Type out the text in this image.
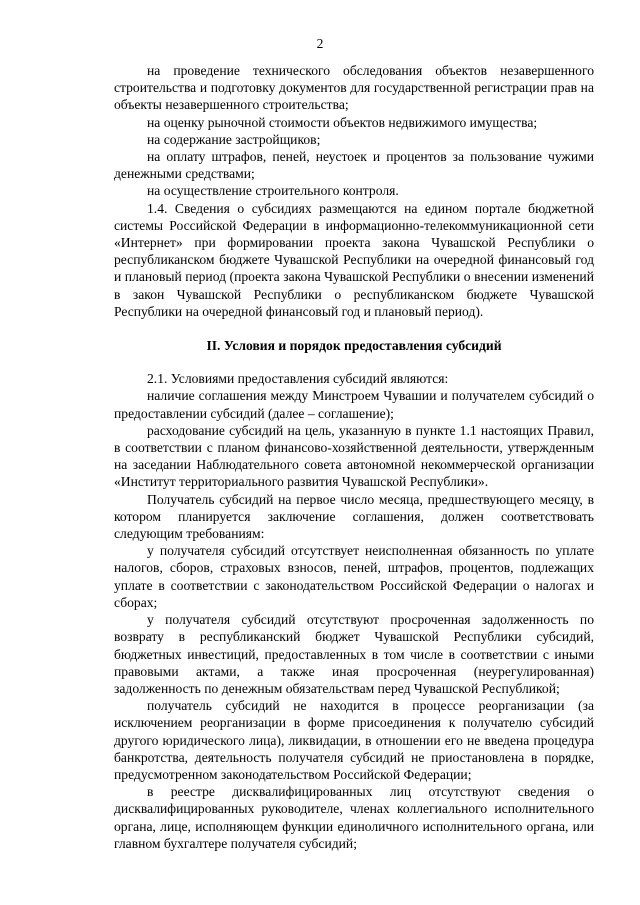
2

на проведение технического обследования объектов незавершенного строительства и подготовку документов для государственной регистрации прав на объекты незавершенного строительства;

на оценку рыночной стоимости объектов недвижимого имущества;

на содержание застройщиков;

на оплату штрафов, пеней, неустоек и процентов за пользование чужими денежными средствами;

на осуществление строительного контроля.

1.4. Сведения о субсидиях размещаются на едином портале бюджетной системы Российской Федерации в информационно-телекоммуникационной сети «Интернет» при формировании проекта закона Чувашской Республики о республиканском бюджете Чувашской Республики на очередной финансовый год и плановый период (проекта закона Чувашской Республики о внесении изменений в закон Чувашской Республики о республиканском бюджете Чувашской Республики на очередной финансовый год и плановый период).

II. Условия и порядок предоставления субсидий

2.1. Условиями предоставления субсидий являются:

наличие соглашения между Минстроем Чувашии и получателем субсидий о предоставлении субсидий (далее – соглашение);

расходование субсидий на цель, указанную в пункте 1.1 настоящих Правил, в соответствии с планом финансово-хозяйственной деятельности, утвержденным на заседании Наблюдательного совета автономной некоммерческой организации «Институт территориального развития Чувашской Республики».

Получатель субсидий на первое число месяца, предшествующего месяцу, в котором планируется заключение соглашения, должен соответствовать следующим требованиям:

у получателя субсидий отсутствует неисполненная обязанность по уплате налогов, сборов, страховых взносов, пеней, штрафов, процентов, подлежащих уплате в соответствии с законодательством Российской Федерации о налогах и сборах;

у получателя субсидий отсутствуют просроченная задолженность по возврату в республиканский бюджет Чувашской Республики субсидий, бюджетных инвестиций, предоставленных в том числе в соответствии с иными правовыми актами, а также иная просроченная (неурегулированная) задолженность по денежным обязательствам перед Чувашской Республикой;

получатель субсидий не находится в процессе реорганизации (за исключением реорганизации в форме присоединения к получателю субсидий другого юридического лица), ликвидации, в отношении его не введена процедура банкротства, деятельность получателя субсидий не приостановлена в порядке, предусмотренном законодательством Российской Федерации;

в реестре дисквалифицированных лиц отсутствуют сведения о дисквалифицированных руководителе, членах коллегиального исполнительного органа, лице, исполняющем функции единоличного исполнительного органа, или главном бухгалтере получателя субсидий;
